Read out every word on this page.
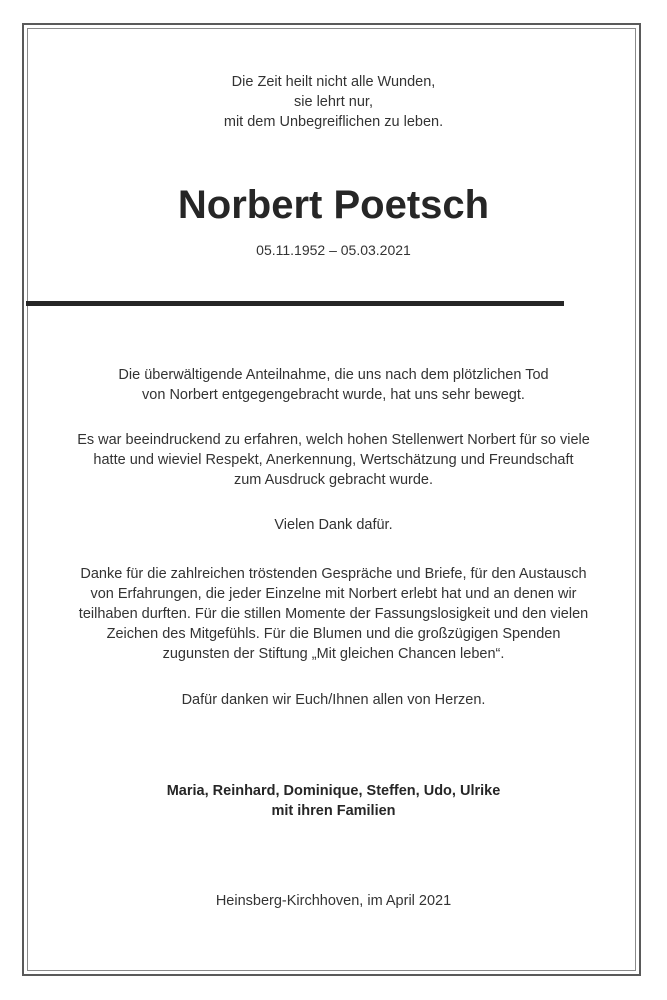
Die Zeit heilt nicht alle Wunden,
sie lehrt nur,
mit dem Unbegreiflichen zu leben.
Norbert Poetsch
05.11.1952 – 05.03.2021
Die überwältigende Anteilnahme, die uns nach dem plötzlichen Tod
von Norbert entgegengebracht wurde, hat uns sehr bewegt.
Es war beeindruckend zu erfahren, welch hohen Stellenwert Norbert für so viele
hatte und wieviel Respekt, Anerkennung, Wertschätzung und Freundschaft
zum Ausdruck gebracht wurde.
Vielen Dank dafür.
Danke für die zahlreichen tröstenden Gespräche und Briefe, für den Austausch
von Erfahrungen, die jeder Einzelne mit Norbert erlebt hat und an denen wir
teilhaben durften. Für die stillen Momente der Fassungslosigkeit und den vielen
Zeichen des Mitgefühls. Für die Blumen und die großzügigen Spenden
zugunsten der Stiftung „Mit gleichen Chancen leben“.
Dafür danken wir Euch/Ihnen allen von Herzen.
Maria, Reinhard, Dominique, Steffen, Udo, Ulrike
mit ihren Familien
Heinsberg-Kirchhoven, im April 2021
